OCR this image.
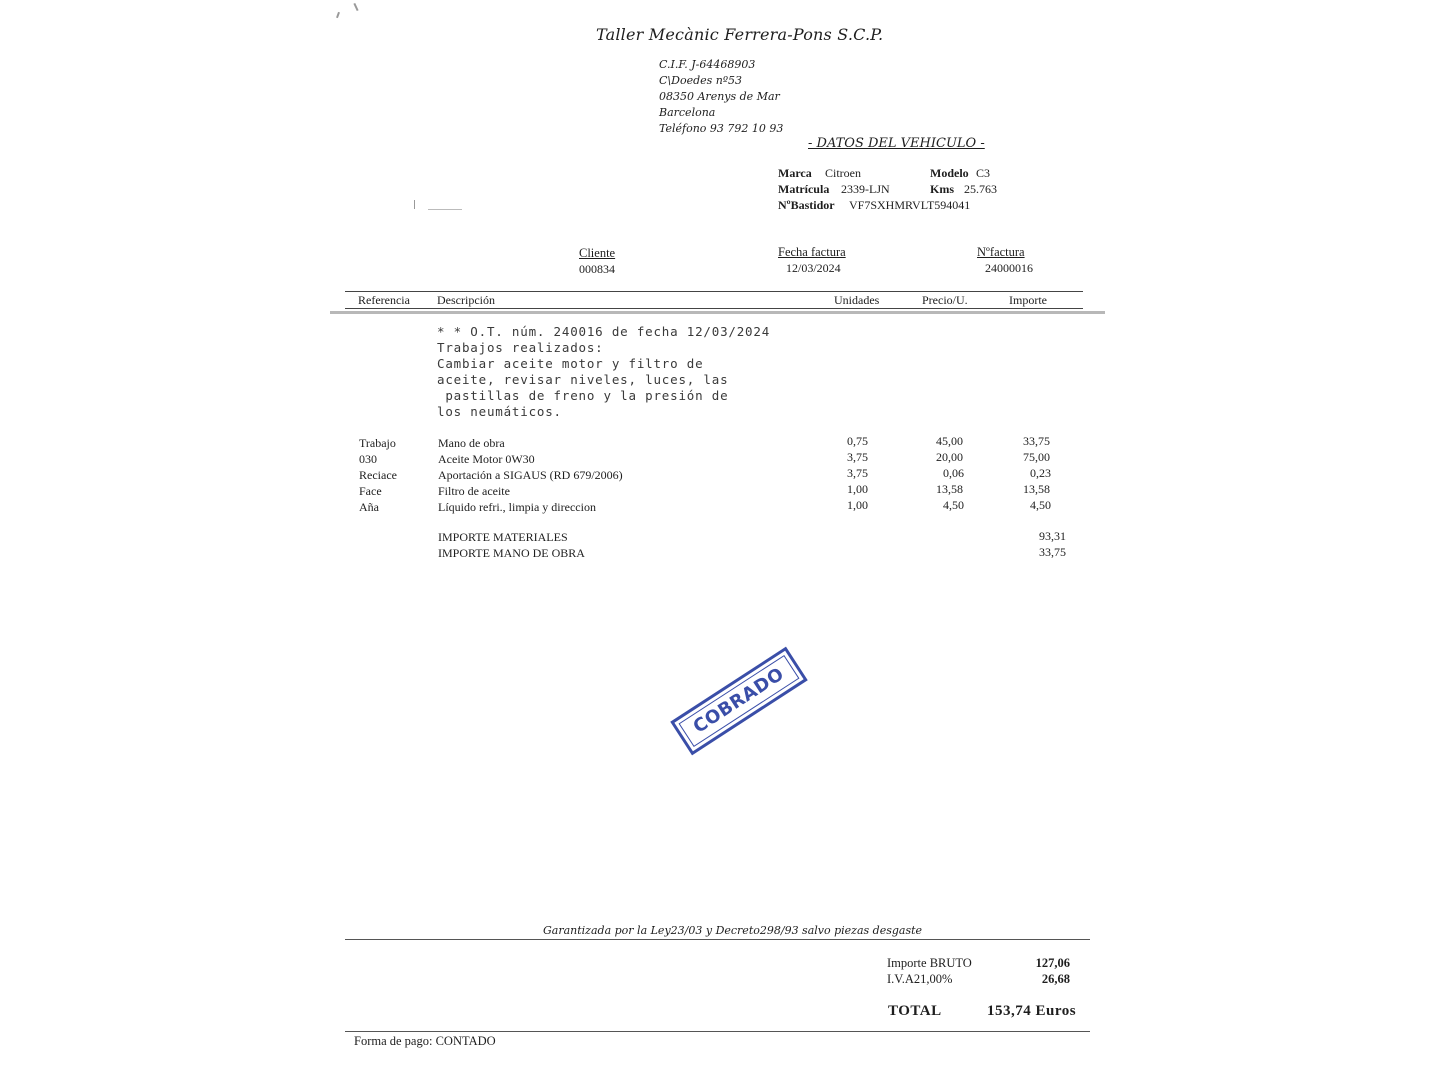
Taller Mecànic Ferrera-Pons S.C.P.
C.I.F. J-64468903
C\Doedes nº53
08350 Arenys de Mar
Barcelona
Teléfono 93 792 10 93
- DATOS DEL VEHICULO -
Marca Citroen	Modelo C3
Matrícula 2339-LJN	Kms 25.763
NºBastidor VF7SXHMRVLT594041
Cliente
000834
Fecha factura
12/03/2024
Nºfactura
24000016
Referencia Descripción	Unidades	Precio/U.	Importe
* * O.T. núm. 240016 de fecha 12/03/2024
Trabajos realizados:
Cambiar aceite motor y filtro de
aceite, revisar niveles, luces, las
pastillas de freno y la presión de
los neumáticos.
Trabajo	Mano de obra	0,75	45,00	33,75
030	Aceite Motor 0W30	3,75	20,00	75,00
Reciace	Aportación a SIGAUS (RD 679/2006)	3,75	0,06	0,23
Face	Filtro de aceite	1,00	13,58	13,58
Aña	Líquido refri., limpia y direccion	1,00	4,50	4,50
IMPORTE MATERIALES	93,31
IMPORTE MANO DE OBRA	33,75
COBRADO
Garantizada por la Ley23/03 y Decreto298/93 salvo piezas desgaste
Importe BRUTO	127,06
I.V.A21,00%	26,68
TOTAL	153,74 Euros
Forma de pago: CONTADO
